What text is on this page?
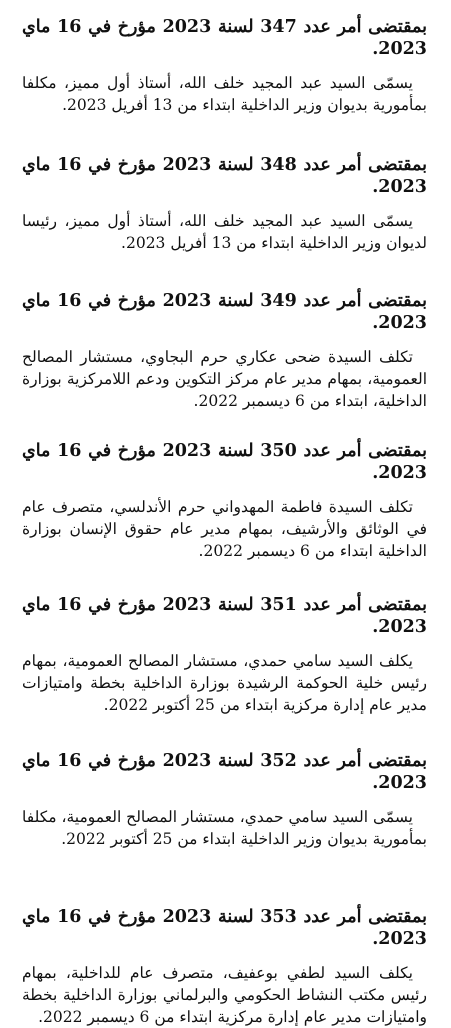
بمقتضى أمر عدد 347 لسنة 2023 مؤرخ في 16 ماي 2023.

يسمّى السيد عبد المجيد خلف الله، أستاذ أول مميز، مكلفا بمأمورية بديوان وزير الداخلية ابتداء من 13 أفريل 2023.

بمقتضى أمر عدد 348 لسنة 2023 مؤرخ في 16 ماي 2023.

يسمّى السيد عبد المجيد خلف الله، أستاذ أول مميز، رئيسا لديوان وزير الداخلية ابتداء من 13 أفريل 2023.

بمقتضى أمر عدد 349 لسنة 2023 مؤرخ في 16 ماي 2023.

تكلف السيدة ضحى عكاري حرم البجاوي، مستشار المصالح العمومية، بمهام مدير عام مركز التكوين ودعم اللامركزية بوزارة الداخلية، ابتداء من 6 ديسمبر 2022.

بمقتضى أمر عدد 350 لسنة 2023 مؤرخ في 16 ماي 2023.

تكلف السيدة فاطمة المهدواني حرم الأندلسي، متصرف عام في الوثائق والأرشيف، بمهام مدير عام حقوق الإنسان بوزارة الداخلية ابتداء من 6 ديسمبر 2022.

بمقتضى أمر عدد 351 لسنة 2023 مؤرخ في 16 ماي 2023.

يكلف السيد سامي حمدي، مستشار المصالح العمومية، بمهام رئيس خلية الحوكمة الرشيدة بوزارة الداخلية بخطة وامتيازات مدير عام إدارة مركزية ابتداء من 25 أكتوبر 2022.

بمقتضى أمر عدد 352 لسنة 2023 مؤرخ في 16 ماي 2023.

يسمّى السيد سامي حمدي، مستشار المصالح العمومية، مكلفا بمأمورية بديوان وزير الداخلية ابتداء من 25 أكتوبر 2022.

بمقتضى أمر عدد 353 لسنة 2023 مؤرخ في 16 ماي 2023.

يكلف السيد لطفي بوعفيف، متصرف عام للداخلية، بمهام رئيس مكتب النشاط الحكومي والبرلماني بوزارة الداخلية بخطة وامتيازات مدير عام إدارة مركزية ابتداء من 6 ديسمبر 2022.
